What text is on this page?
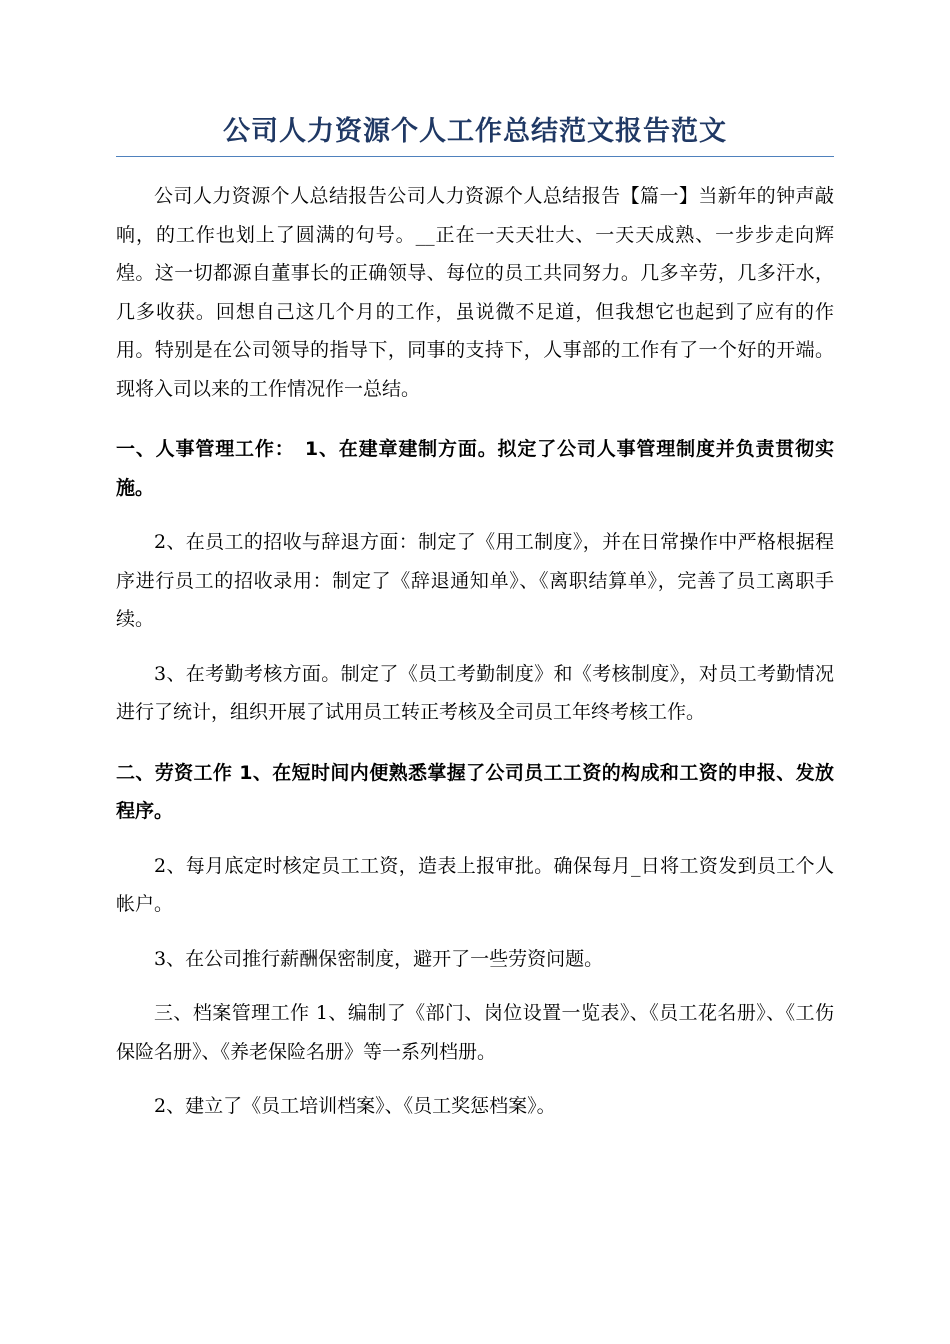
公司人力资源个人工作总结范文报告范文

公司人力资源个人总结报告公司人力资源个人总结报告【篇一】当新年的钟声敲响，的工作也划上了圆满的句号。__正在一天天壮大、一天天成熟、一步步走向辉煌。这一切都源自董事长的正确领导、每位的员工共同努力。几多辛劳，几多汗水，几多收获。回想自己这几个月的工作，虽说微不足道，但我想它也起到了应有的作用。特别是在公司领导的指导下，同事的支持下，人事部的工作有了一个好的开端。现将入司以来的工作情况作一总结。

一、人事管理工作：　1、在建章建制方面。拟定了公司人事管理制度并负责贯彻实施。

2、在员工的招收与辞退方面：制定了《用工制度》，并在日常操作中严格根据程序进行员工的招收录用：制定了《辞退通知单》、《离职结算单》，完善了员工离职手续。

3、在考勤考核方面。制定了《员工考勤制度》和《考核制度》，对员工考勤情况进行了统计，组织开展了试用员工转正考核及全司员工年终考核工作。

二、劳资工作 1、在短时间内便熟悉掌握了公司员工工资的构成和工资的申报、发放程序。

2、每月底定时核定员工工资，造表上报审批。确保每月_日将工资发到员工个人帐户。

3、在公司推行薪酬保密制度，避开了一些劳资问题。

三、档案管理工作 1、编制了《部门、岗位设置一览表》、《员工花名册》、《工伤保险名册》、《养老保险名册》等一系列档册。

2、建立了《员工培训档案》、《员工奖惩档案》。
